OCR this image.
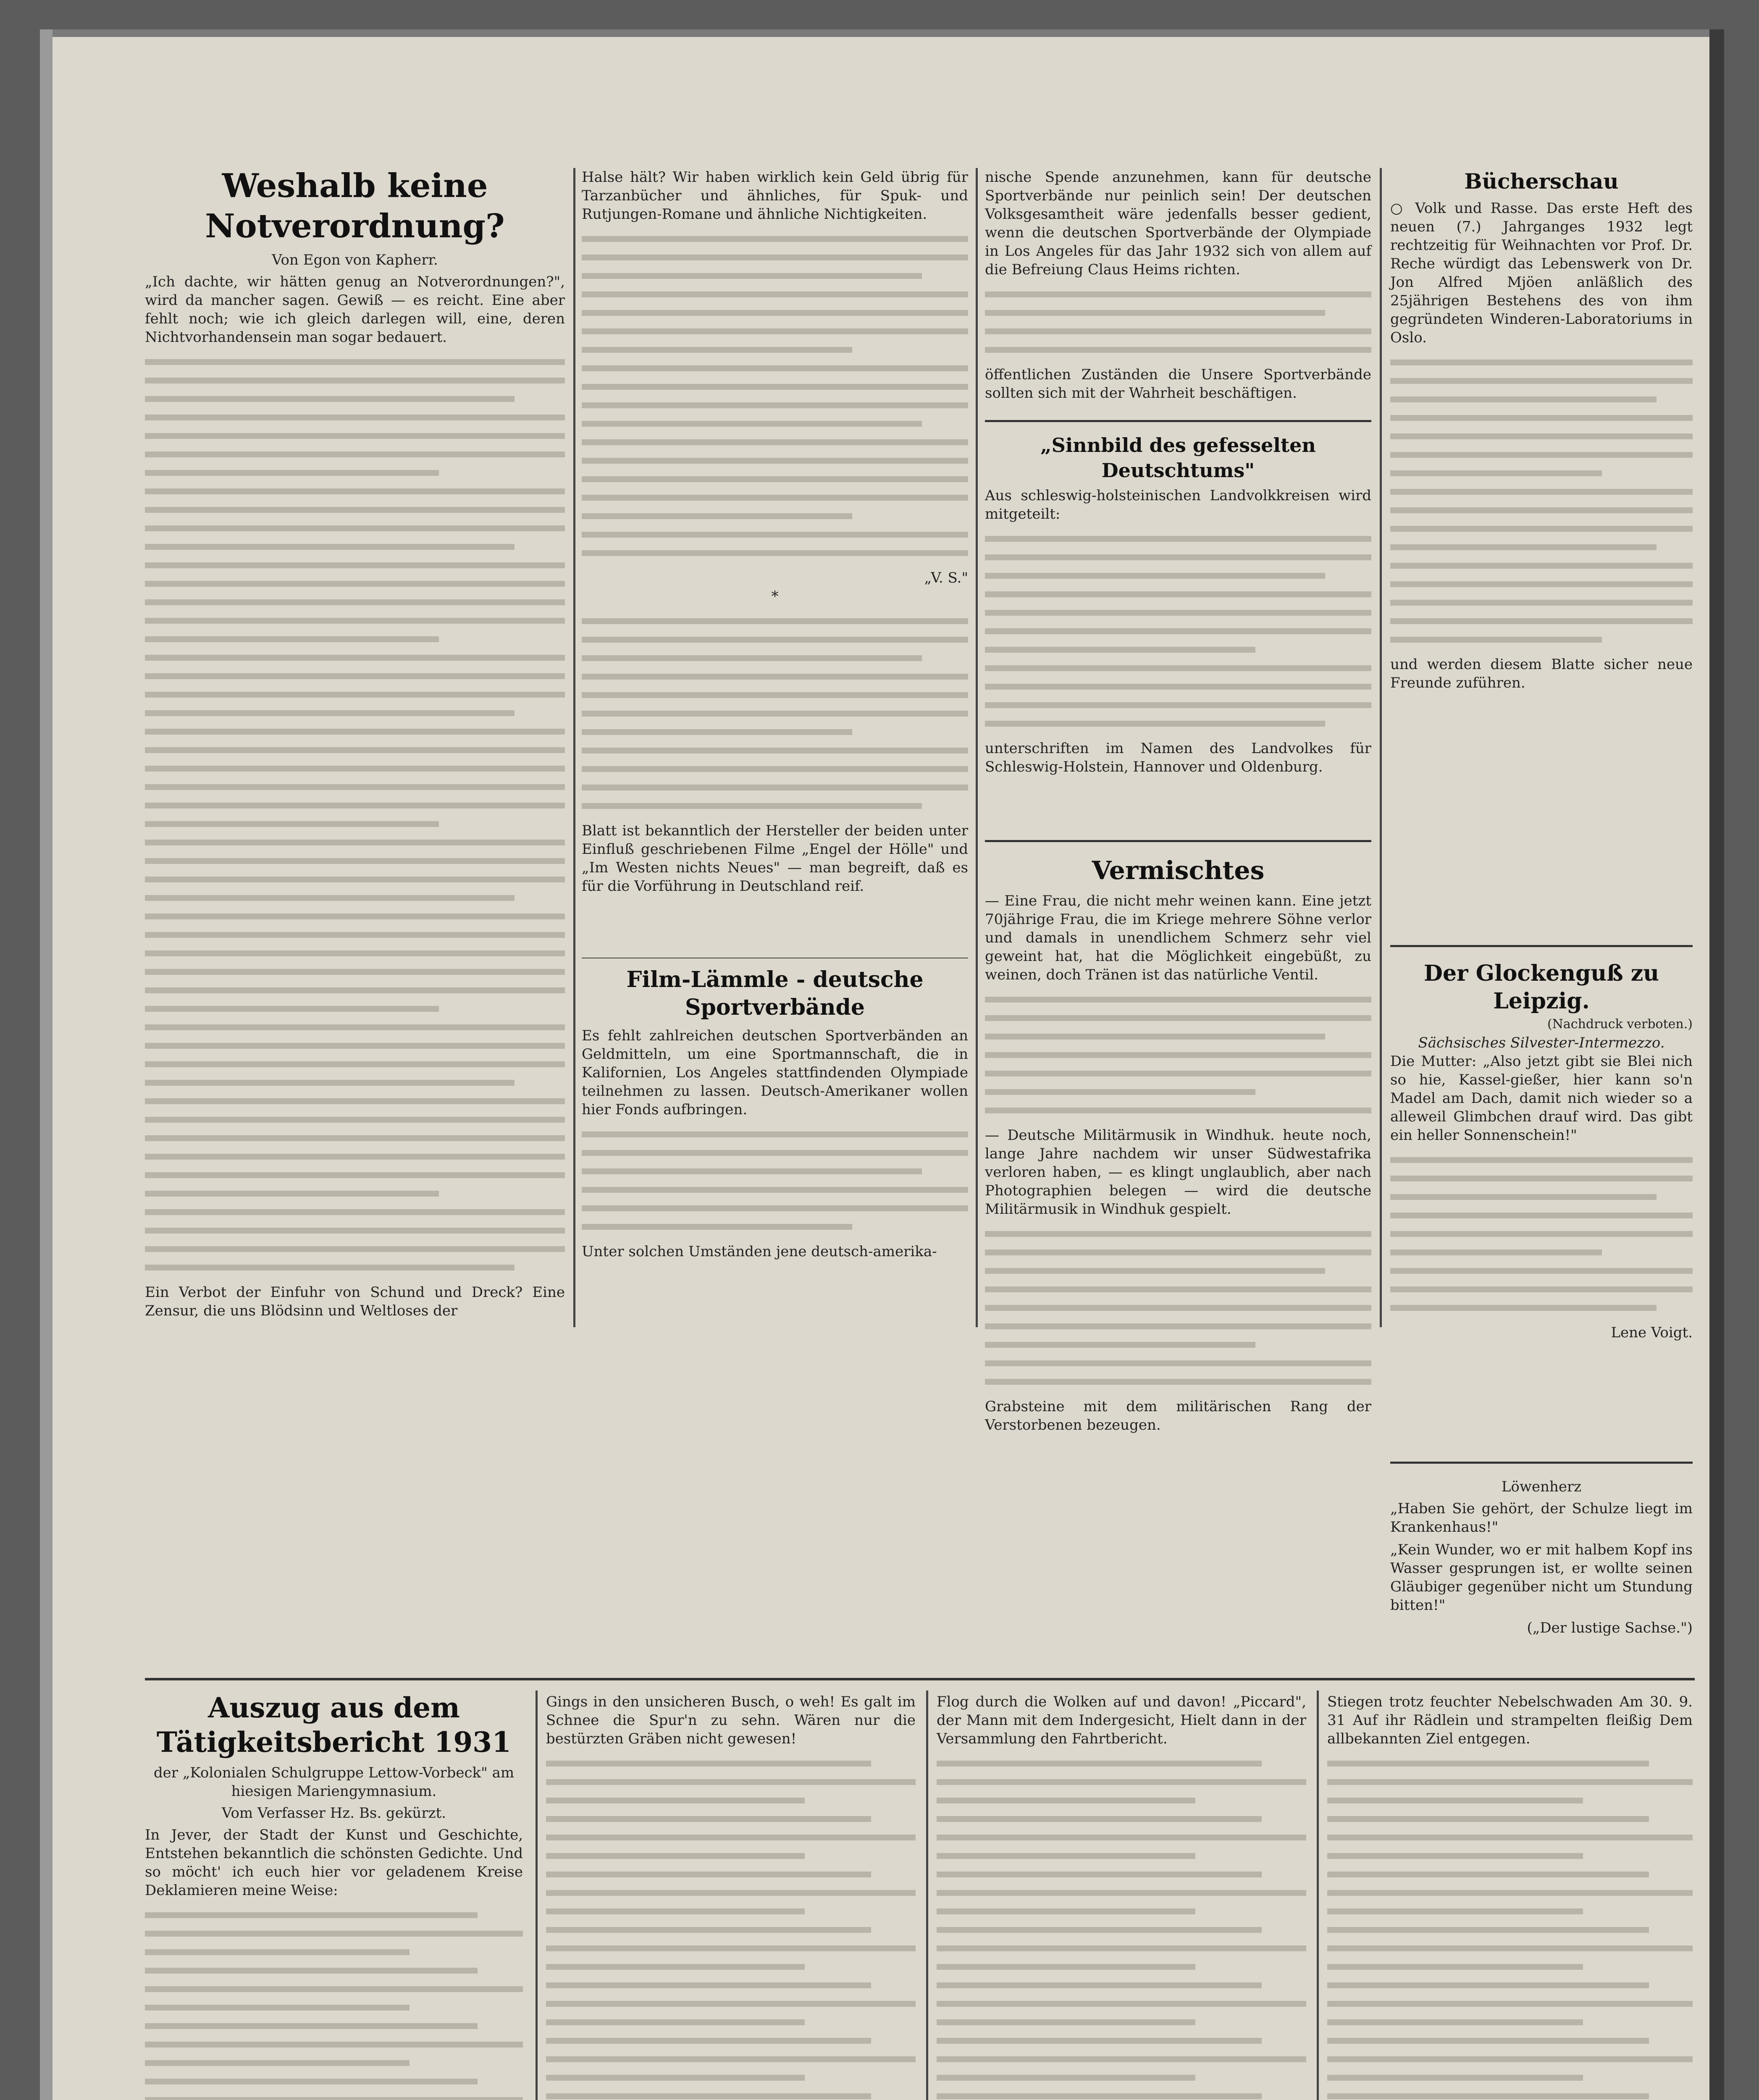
Weshalb keine Notverordnung?
Von Egon von Kapherr.

„Ich dachte, wir hätten genug an Notverordnungen?", wird da mancher sagen. Gewiß — es reicht. Eine aber fehlt noch; wie ich gleich darlegen will, eine, deren Nichtvorhandensein man sogar bedauert.

Ein Verbot der Einfuhr von Schund und Dreck? Eine Zensur, die uns Blödsinn und Weltloses der

Halse hält? Wir haben wirklich kein Geld übrig für Tarzanbücher und ähnliches, für Spuk- und Rutjungen-Romane und ähnliche Nichtigkeiten.

„V. S."
*

Blatt ist bekanntlich der Hersteller der beiden unter Einfluß geschriebenen Filme „Engel der Hölle" und „Im Westen nichts Neues" — man begreift, daß es für die Vorführung in Deutschland reif.

Film-Lämmle - deutsche Sportverbände

Es fehlt zahlreichen deutschen Sportverbänden an Geldmitteln, um eine Sportmannschaft, die in Kalifornien, Los Angeles stattfindenden Olympiade teilnehmen zu lassen. Deutsch-Amerikaner wollen hier Fonds aufbringen.

Unter solchen Umständen jene deutsch-amerika-

nische Spende anzunehmen, kann für deutsche Sportverbände nur peinlich sein! Der deutschen Volksgesamtheit wäre jedenfalls besser gedient, wenn die deutschen Sportverbände der Olympiade in Los Angeles für das Jahr 1932 sich von allem auf die Befreiung Claus Heims richten.

öffentlichen Zuständen die Unsere Sportverbände sollten sich mit der Wahrheit beschäftigen.

„Sinnbild des gefesselten Deutschtums"

Aus schleswig-holsteinischen Landvolkkreisen wird mitgeteilt:

unterschriften im Namen des Landvolkes für Schleswig-Holstein, Hannover und Oldenburg.

Vermischtes

— Eine Frau, die nicht mehr weinen kann. Eine jetzt 70jährige Frau, die im Kriege mehrere Söhne verlor und damals in unendlichem Schmerz sehr viel geweint hat, hat die Möglichkeit eingebüßt, zu weinen, doch Tränen ist das natürliche Ventil.

— Deutsche Militärmusik in Windhuk. heute noch, lange Jahre nachdem wir unser Südwestafrika verloren haben, — es klingt unglaublich, aber nach Photographien belegen — wird die deutsche Militärmusik in Windhuk gespielt.

Grabsteine mit dem militärischen Rang der Verstorbenen bezeugen.

Bücherschau

○ Volk und Rasse. Das erste Heft des neuen (7.) Jahrganges 1932 legt rechtzeitig für Weihnachten vor Prof. Dr. Reche würdigt das Lebenswerk von Dr. Jon Alfred Mjöen anläßlich des 25jährigen Bestehens des von ihm gegründeten Winderen-Laboratoriums in Oslo.

und werden diesem Blatte sicher neue Freunde zuführen.

Der Glockenguß zu Leipzig.
(Nachdruck verboten.)
Sächsisches Silvester-Intermezzo.

Die Mutter: „Also jetzt gibt sie Blei nich so hie, Kassel-gießer, hier kann so'n Madel am Dach, damit nich wieder so a alleweil Glimbchen drauf wird. Das gibt ein heller Sonnenschein!"

Lene Voigt.
Löwenherz

„Haben Sie gehört, der Schulze liegt im Krankenhaus!"

„Kein Wunder, wo er mit halbem Kopf ins Wasser gesprungen ist, er wollte seinen Gläubiger gegenüber nicht um Stundung bitten!"

(„Der lustige Sachse.")
Auszug aus dem Tätigkeitsbericht 1931
der „Kolonialen Schulgruppe Lettow-Vorbeck" am hiesigen Mariengymnasium.
Vom Verfasser Hz. Bs. gekürzt.

In Jever, der Stadt der Kunst und Geschichte, Entstehen bekanntlich die schönsten Gedichte. Und so möcht' ich euch hier vor geladenem Kreise Deklamieren meine Weise:

Gings in den unsicheren Busch, o weh! Es galt im Schnee die Spur'n zu sehn. Wären nur die bestürzten Gräben nicht gewesen!

Flog durch die Wolken auf und davon! „Piccard", der Mann mit dem Indergesicht, Hielt dann in der Versammlung den Fahrtbericht.

Stiegen trotz feuchter Nebelschwaden Am 30. 9. 31 Auf ihr Rädlein und strampelten fleißig Dem allbekannten Ziel entgegen.
